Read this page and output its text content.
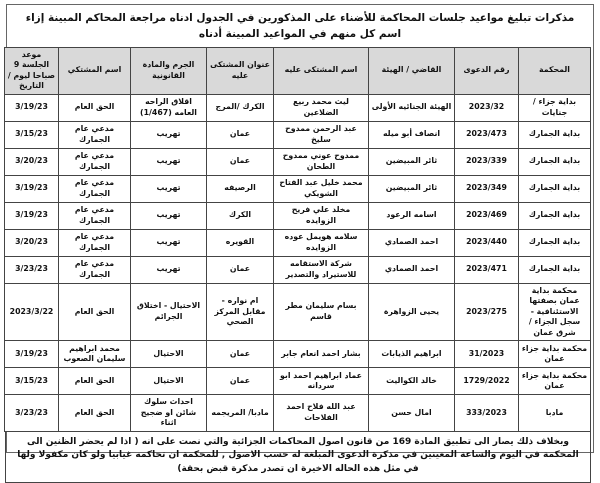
مذكرات تبليغ مواعيد جلسات المحاكمة للأضناء على المذكورين في الجدول ادناه مراجعة المحاكم المبينة إزاء اسم كل منهم في المواعيد المبينة أدناه
المحكمة	رقم الدعوى	القاضي / الهيئة	اسم المشتكى عليه	عنوان المشتكى عليه	الجرم والمادة القانونية	اسم المشتكي	موعد الجلسة 9 صباحا ليوم / التاريخ
بداية جزاء /جنايات	2023/32	الهيئة الجنائيه الأولى	ليث محمد ربيع الضلاعين	الكرك /المرج	اقلاق الراحه العامه (1/467)	الحق العام	3/19/23
بداية الجمارك	2023/473	انصاف أبو ميله	عبد الرحمن ممدوح سليخ	عمان	تهريب	مدعي عام الجمارك	3/15/23
بداية الجمارك	2023/339	ثائر المبيضين	ممدوح عوني ممدوح الطحان	عمان	تهريب	مدعي عام الجمارك	3/20/23
بداية الجمارك	2023/349	ثائر المبيضين	محمد خليل عبد الفتاح الشويكي	الرصيفه	تهريب	مدعي عام الجمارك	3/19/23
بداية الجمارك	2023/469	اسامه الرعود	مخلد علي فريح الزوايده	الكرك	تهريب	مدعي عام الجمارك	3/19/23
بداية الجمارك	2023/440	احمد الصمادي	سلامه هويمل عوده الزوايده	القويره	تهريب	مدعي عام الجمارك	3/20/23
بداية الجمارك	2023/471	احمد الصمادي	شركة الاستقامه للاستيراد والتصدير	عمان	تهريب	مدعي عام الجمارك	3/23/23
محكمة بداية عمان بصفتها الاستئنافية - سجل الجزاء /شرق عمان	2023/275	يحيى الزواهرة	بسام سليمان مطر قاسم	ام نواره - مقابل المركز الصحي	الاحتيال - اختلاق الجرائم	الحق العام	2023/3/22
محكمة بداية جزاء عمان	31/2023	ابراهيم الذيابات	بشار احمد انعام جابر	عمان	الاحتيال	محمد ابراهيم سليمان الصعوب	3/19/23
محكمة بداية جزاء عمان	1729/2022	خالد الكواليت	عماد ابراهيم احمد ابو سردانه	عمان	الاحتيال	الحق العام	3/15/23
مادبا	333/2023	امال حسن	عبد الله فلاح احمد الفلاحات	مادبا/ المريجمه	احداث سلوك شائن او ضجيج اثناء	الحق العام	3/23/23
وبخلاف ذلك يصار الى تطبيق المادة 169 من قانون اصول المحاكمات الجزائية والتي نصت على انه ( اذا لم يحضر الظنين الى المحكمة في اليوم والساعة المعينين في مذكرة الدعوى المبلغة له حسب الاصول , للمحكمة ان تحاكمه غيابيا ولو كان مكفولا ولها في مثل هذه الحاله الاخيرة ان تصدر مذكرة قبض بحقة)
